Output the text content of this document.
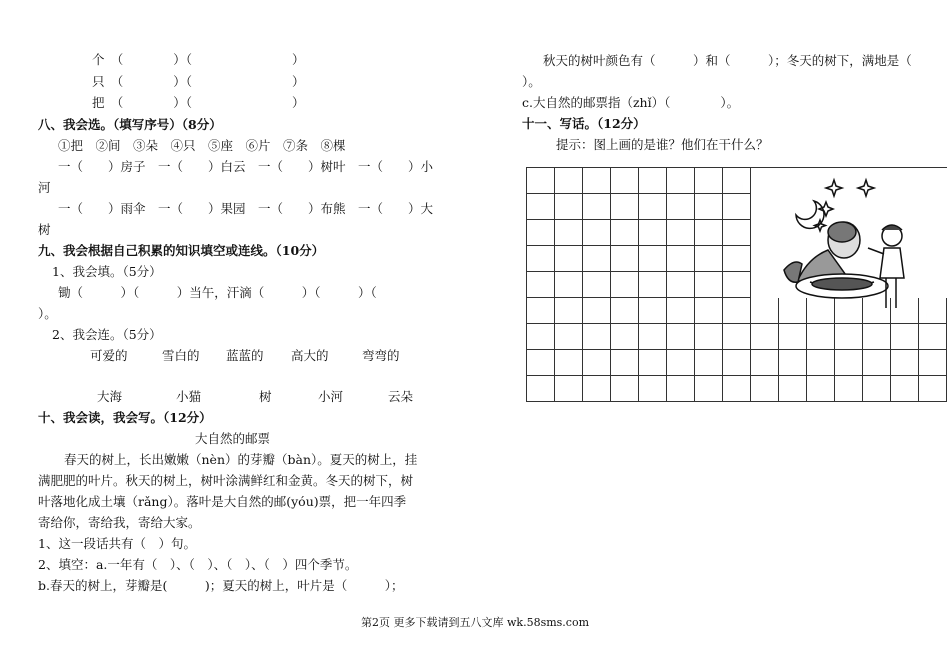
个　（　　　　）（　　　　　　　　）
只　（　　　　）（　　　　　　　　）
把　（　　　　）（　　　　　　　　）
八、我会选。（填写序号）（8分）
①把　②间　③朵　④只　⑤座　⑥片　⑦条　⑧棵
一（　　）房子　一（　　）白云　一（　　）树叶　一（　　）小
河
一（　　）雨伞　一（　　）果园　一（　　）布熊　一（　　）大
树
九、我会根据自己积累的知识填空或连线。（10分）
1、我会填。（5分）
锄（　　　）（　　　）当午，汗滴（　　　）（　　　）（
）。
2、我会连。（5分）
可爱的	雪白的 蓝蓝的 高大的	弯弯的
大海	小猫	树	小河	云朵
十、我会读，我会写。（12分）
大自然的邮票
春天的树上，长出嫩嫩（nèn）的芽瓣（bàn）。夏天的树上，挂
满肥肥的叶片。秋天的树上，树叶涂满鲜红和金黄。冬天的树下，树
叶落地化成土壤（rǎng）。落叶是大自然的邮(yóu)票，把一年四季
寄给你，寄给我，寄给大家。
1、这一段话共有（　）句。
2、填空：a.一年有（　）、（　）、（　）、（　）四个季节。
b.春天的树上，芽瓣是(　　　)；夏天的树上，叶片是（　　　）；
秋天的树叶颜色有（　　　）和（　　　）；冬天的树下，满地是（
）。
c.大自然的邮票指（zhǐ）（　　　　）。
十一、写话。（12分）
提示：图上画的是谁？他们在干什么？
第2页 更多下载请到五八文库 wk.58sms.com
